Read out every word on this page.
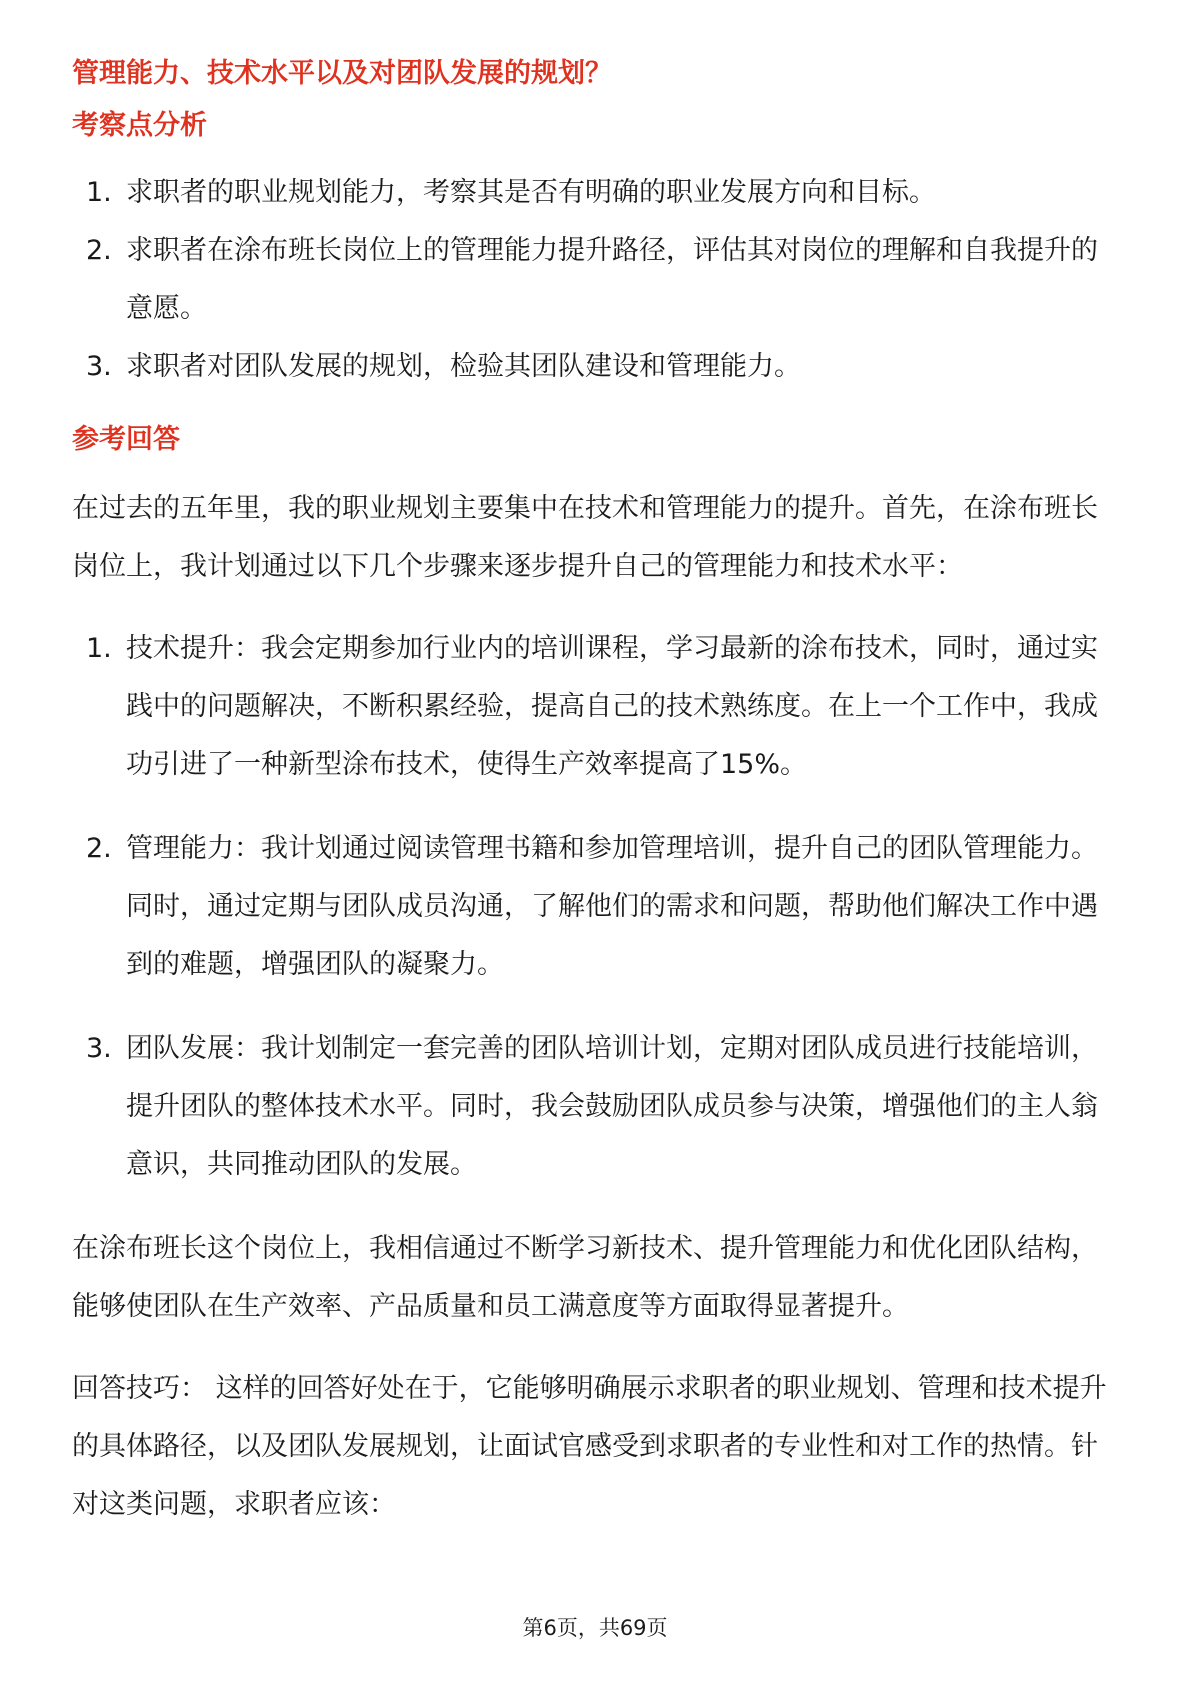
管理能力、技术水平以及对团队发展的规划？
考察点分析
1. 求职者的职业规划能力，考察其是否有明确的职业发展方向和目标。
2. 求职者在涂布班长岗位上的管理能力提升路径，评估其对岗位的理解和自我提升的意愿。
3. 求职者对团队发展的规划，检验其团队建设和管理能力。
参考回答

在过去的五年里，我的职业规划主要集中在技术和管理能力的提升。首先，在涂布班长岗位上，我计划通过以下几个步骤来逐步提升自己的管理能力和技术水平：

1. 技术提升：我会定期参加行业内的培训课程，学习最新的涂布技术，同时，通过实践中的问题解决，不断积累经验，提高自己的技术熟练度。在上一个工作中，我成功引进了一种新型涂布技术，使得生产效率提高了15%。
2. 管理能力：我计划通过阅读管理书籍和参加管理培训，提升自己的团队管理能力。同时，通过定期与团队成员沟通，了解他们的需求和问题，帮助他们解决工作中遇到的难题，增强团队的凝聚力。
3. 团队发展：我计划制定一套完善的团队培训计划，定期对团队成员进行技能培训，提升团队的整体技术水平。同时，我会鼓励团队成员参与决策，增强他们的主人翁意识，共同推动团队的发展。

在涂布班长这个岗位上，我相信通过不断学习新技术、提升管理能力和优化团队结构，能够使团队在生产效率、产品质量和员工满意度等方面取得显著提升。

回答技巧： 这样的回答好处在于，它能够明确展示求职者的职业规划、管理和技术提升的具体路径，以及团队发展规划，让面试官感受到求职者的专业性和对工作的热情。针对这类问题，求职者应该：

第6页，共69页
